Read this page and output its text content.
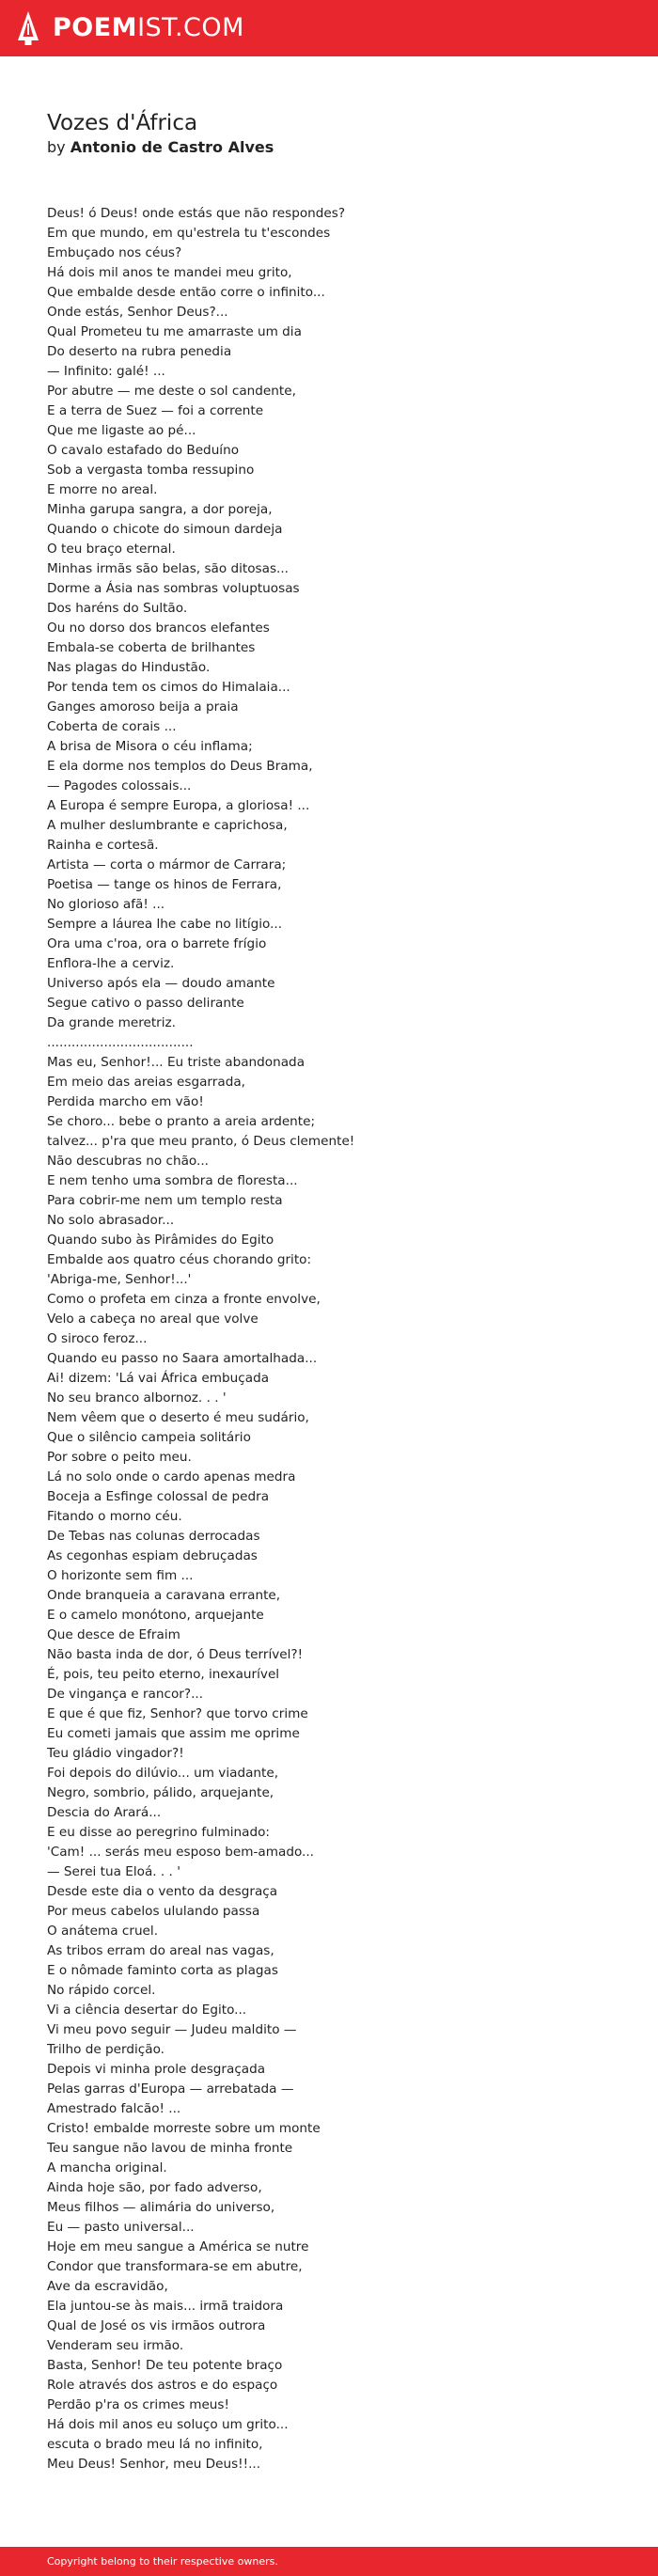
POEMIST.COM
Vozes d'África
by Antonio de Castro Alves
Deus! ó Deus! onde estás que não respondes?
Em que mundo, em qu'estrela tu t'escondes
Embuçado nos céus?
Há dois mil anos te mandei meu grito,
Que embalde desde então corre o infinito...
Onde estás, Senhor Deus?...
Qual Prometeu tu me amarraste um dia
Do deserto na rubra penedia
— Infinito: galé! ...
Por abutre — me deste o sol candente,
E a terra de Suez — foi a corrente
Que me ligaste ao pé...
O cavalo estafado do Beduíno
Sob a vergasta tomba ressupino
E morre no areal.
Minha garupa sangra, a dor poreja,
Quando o chicote do simoun dardeja
O teu braço eternal.
Minhas irmãs são belas, são ditosas...
Dorme a Ásia nas sombras voluptuosas
Dos haréns do Sultão.
Ou no dorso dos brancos elefantes
Embala-se coberta de brilhantes
Nas plagas do Hindustão.
Por tenda tem os cimos do Himalaia...
Ganges amoroso beija a praia
Coberta de corais ...
A brisa de Misora o céu inflama;
E ela dorme nos templos do Deus Brama,
— Pagodes colossais...
A Europa é sempre Europa, a gloriosa! ...
A mulher deslumbrante e caprichosa,
Rainha e cortesã.
Artista — corta o mármor de Carrara;
Poetisa — tange os hinos de Ferrara,
No glorioso afã! ...
Sempre a láurea lhe cabe no litígio...
Ora uma c'roa, ora o barrete frígio
Enflora-lhe a cerviz.
Universo após ela — doudo amante
Segue cativo o passo delirante
Da grande meretriz.
....................................
Mas eu, Senhor!... Eu triste abandonada
Em meio das areias esgarrada,
Perdida marcho em vão!
Se choro... bebe o pranto a areia ardente;
talvez... p'ra que meu pranto, ó Deus clemente!
Não descubras no chão...
E nem tenho uma sombra de floresta...
Para cobrir-me nem um templo resta
No solo abrasador...
Quando subo às Pirâmides do Egito
Embalde aos quatro céus chorando grito:
'Abriga-me, Senhor!...'
Como o profeta em cinza a fronte envolve,
Velo a cabeça no areal que volve
O siroco feroz...
Quando eu passo no Saara amortalhada...
Ai! dizem: 'Lá vai África embuçada
No seu branco albornoz. . . '
Nem vêem que o deserto é meu sudário,
Que o silêncio campeia solitário
Por sobre o peito meu.
Lá no solo onde o cardo apenas medra
Boceja a Esfinge colossal de pedra
Fitando o morno céu.
De Tebas nas colunas derrocadas
As cegonhas espiam debruçadas
O horizonte sem fim ...
Onde branqueia a caravana errante,
E o camelo monótono, arquejante
Que desce de Efraim
Não basta inda de dor, ó Deus terrível?!
É, pois, teu peito eterno, inexaurível
De vingança e rancor?...
E que é que fiz, Senhor? que torvo crime
Eu cometi jamais que assim me oprime
Teu gládio vingador?!
Foi depois do dilúvio... um viadante,
Negro, sombrio, pálido, arquejante,
Descia do Arará...
E eu disse ao peregrino fulminado:
'Cam! ... serás meu esposo bem-amado...
— Serei tua Eloá. . . '
Desde este dia o vento da desgraça
Por meus cabelos ululando passa
O anátema cruel.
As tribos erram do areal nas vagas,
E o nômade faminto corta as plagas
No rápido corcel.
Vi a ciência desertar do Egito...
Vi meu povo seguir — Judeu maldito —
Trilho de perdição.
Depois vi minha prole desgraçada
Pelas garras d'Europa — arrebatada —
Amestrado falcão! ...
Cristo! embalde morreste sobre um monte
Teu sangue não lavou de minha fronte
A mancha original.
Ainda hoje são, por fado adverso,
Meus filhos — alimária do universo,
Eu — pasto universal...
Hoje em meu sangue a América se nutre
Condor que transformara-se em abutre,
Ave da escravidão,
Ela juntou-se às mais... irmã traidora
Qual de José os vis irmãos outrora
Venderam seu irmão.
Basta, Senhor! De teu potente braço
Role através dos astros e do espaço
Perdão p'ra os crimes meus!
Há dois mil anos eu soluço um grito...
escuta o brado meu lá no infinito,
Meu Deus! Senhor, meu Deus!!...
Copyright belong to their respective owners.
